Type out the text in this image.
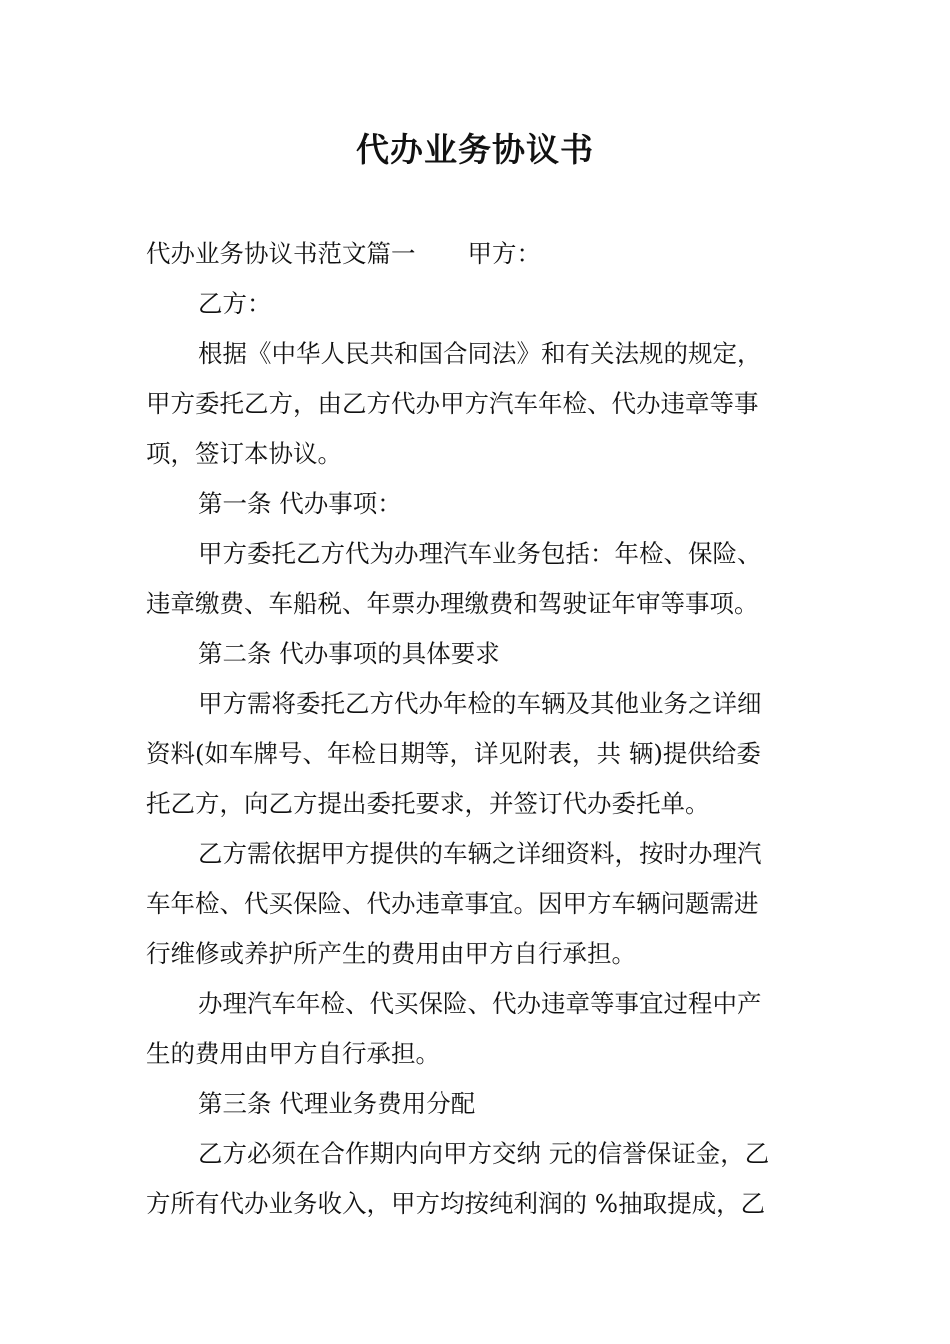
代办业务协议书
代办业务协议书范文篇一 甲方：
乙方：
根据《中华人民共和国合同法》和有关法规的规定，
甲方委托乙方，由乙方代办甲方汽车年检、代办违章等事
项，签订本协议。
第一条 代办事项：
甲方委托乙方代为办理汽车业务包括：年检、保险、
违章缴费、车船税、年票办理缴费和驾驶证年审等事项。
第二条 代办事项的具体要求
甲方需将委托乙方代办年检的车辆及其他业务之详细
资料(如车牌号、年检日期等，详见附表，共 辆)提供给委
托乙方，向乙方提出委托要求，并签订代办委托单。
乙方需依据甲方提供的车辆之详细资料，按时办理汽
车年检、代买保险、代办违章事宜。因甲方车辆问题需进
行维修或养护所产生的费用由甲方自行承担。
办理汽车年检、代买保险、代办违章等事宜过程中产
生的费用由甲方自行承担。
第三条 代理业务费用分配
乙方必须在合作期内向甲方交纳 元的信誉保证金，乙
方所有代办业务收入，甲方均按纯利润的 %抽取提成，乙
